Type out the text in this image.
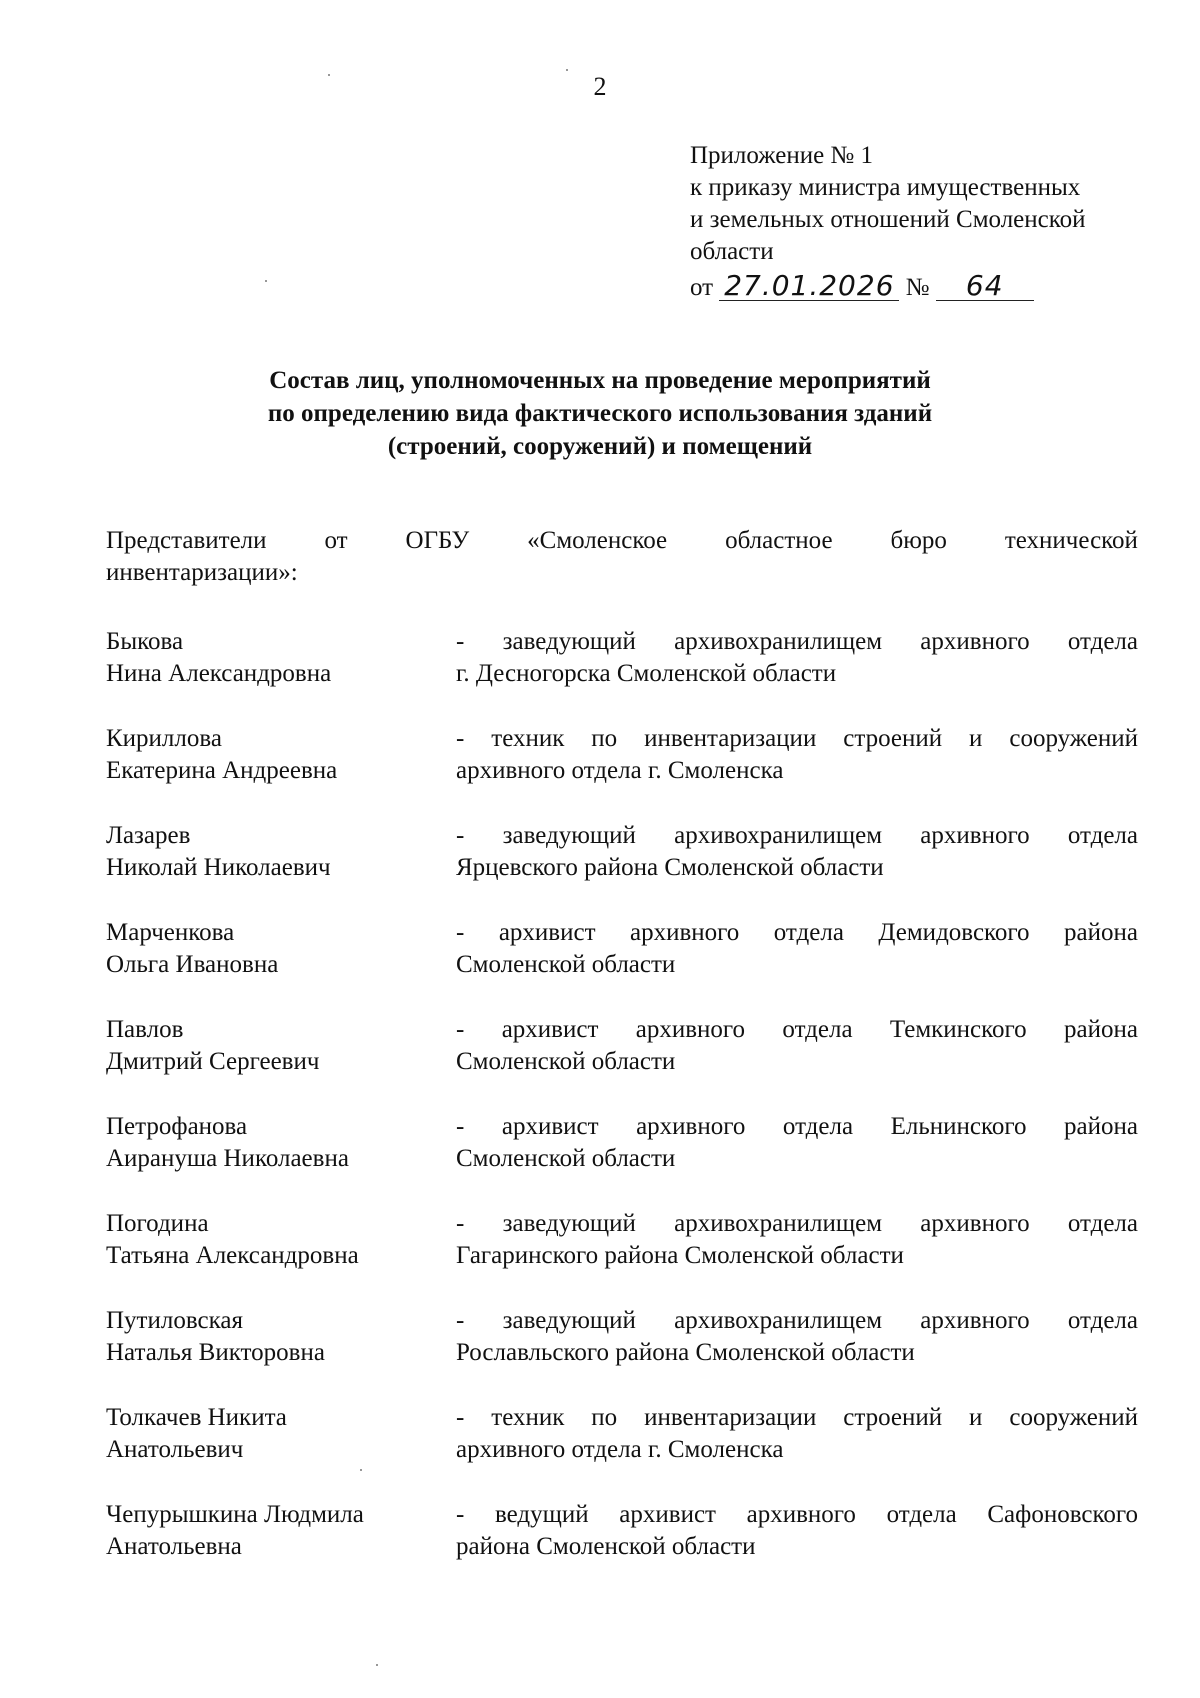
2
Приложение № 1
к приказу министра имущественных
и земельных отношений Смоленской
области
от 27.01.2026 № 64
Состав лиц, уполномоченных на проведение мероприятий
по определению вида фактического использования зданий
(строений, сооружений) и помещений
Представители от ОГБУ «Смоленское областное бюро технической
инвентаризации»:
Быкова
Нина Александровна
- заведующий архивохранилищем архивного отдела
г. Десногорска Смоленской области
Кириллова
Екатерина Андреевна
- техник по инвентаризации строений и сооружений
архивного отдела г. Смоленска
Лазарев
Николай Николаевич
- заведующий архивохранилищем архивного отдела
Ярцевского района Смоленской области
Марченкова
Ольга Ивановна
- архивист архивного отдела Демидовского района
Смоленской области
Павлов
Дмитрий Сергеевич
- архивист архивного отдела Темкинского района
Смоленской области
Петрофанова
Аирануша Николаевна
- архивист архивного отдела Ельнинского района
Смоленской области
Погодина
Татьяна Александровна
- заведующий архивохранилищем архивного отдела
Гагаринского района Смоленской области
Путиловская
Наталья Викторовна
- заведующий архивохранилищем архивного отдела
Рославльского района Смоленской области
Толкачев Никита
Анатольевич
- техник по инвентаризации строений и сооружений
архивного отдела г. Смоленска
Чепурышкина Людмила
Анатольевна
- ведущий архивист архивного отдела Сафоновского
района Смоленской области
